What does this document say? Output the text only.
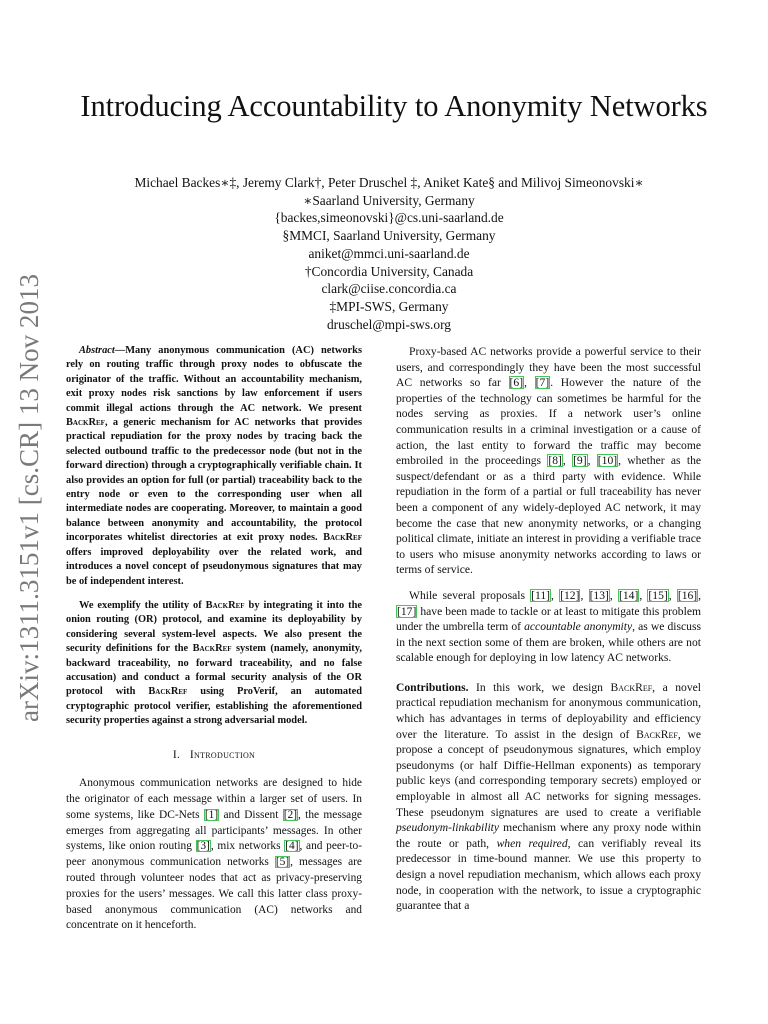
arXiv:1311.3151v1 [cs.CR] 13 Nov 2013
Introducing Accountability to Anonymity Networks
Michael Backes∗‡, Jeremy Clark†, Peter Druschel ‡, Aniket Kate§ and Milivoj Simeonovski∗
∗Saarland University, Germany
{backes,simeonovski}@cs.uni-saarland.de
§MMCI, Saarland University, Germany
aniket@mmci.uni-saarland.de
†Concordia University, Canada
clark@ciise.concordia.ca
‡MPI-SWS, Germany
druschel@mpi-sws.org

Abstract—Many anonymous communication (AC) networks rely on routing traffic through proxy nodes to obfuscate the originator of the traffic. Without an accountability mechanism, exit proxy nodes risk sanctions by law enforcement if users commit illegal actions through the AC network. We present BackRef, a generic mechanism for AC networks that provides practical repudiation for the proxy nodes by tracing back the selected outbound traffic to the predecessor node (but not in the forward direction) through a cryptographically verifiable chain. It also provides an option for full (or partial) traceability back to the entry node or even to the corresponding user when all intermediate nodes are cooperating. Moreover, to maintain a good balance between anonymity and accountability, the protocol incorporates whitelist directories at exit proxy nodes. BackRef offers improved deployability over the related work, and introduces a novel concept of pseudonymous signatures that may be of independent interest.

We exemplify the utility of BackRef by integrating it into the onion routing (OR) protocol, and examine its deployability by considering several system-level aspects. We also present the security definitions for the BackRef system (namely, anonymity, backward traceability, no forward traceability, and no false accusation) and conduct a formal security analysis of the OR protocol with BackRef using ProVerif, an automated cryptographic protocol verifier, establishing the aforementioned security properties against a strong adversarial model.

I. Introduction

Anonymous communication networks are designed to hide the originator of each message within a larger set of users. In some systems, like DC-Nets [1] and Dissent [2], the message emerges from aggregating all participants’ messages. In other systems, like onion routing [3], mix networks [4], and peer-to-peer anonymous communication networks [5], messages are routed through volunteer nodes that act as privacy-preserving proxies for the users’ messages. We call this latter class proxy-based anonymous communication (AC) networks and concentrate on it henceforth.

Proxy-based AC networks provide a powerful service to their users, and correspondingly they have been the most successful AC networks so far [6], [7]. However the nature of the properties of the technology can sometimes be harmful for the nodes serving as proxies. If a network user’s online communication results in a criminal investigation or a cause of action, the last entity to forward the traffic may become embroiled in the proceedings [8], [9], [10], whether as the suspect/defendant or as a third party with evidence. While repudiation in the form of a partial or full traceability has never been a component of any widely-deployed AC network, it may become the case that new anonymity networks, or a changing political climate, initiate an interest in providing a verifiable trace to users who misuse anonymity networks according to laws or terms of service.

While several proposals [11], [12], [13], [14], [15], [16], [17] have been made to tackle or at least to mitigate this problem under the umbrella term of accountable anonymity, as we discuss in the next section some of them are broken, while others are not scalable enough for deploying in low latency AC networks.

Contributions. In this work, we design BackRef, a novel practical repudiation mechanism for anonymous communication, which has advantages in terms of deployability and efficiency over the literature. To assist in the design of BackRef, we propose a concept of pseudonymous signatures, which employ pseudonyms (or half Diffie-Hellman exponents) as temporary public keys (and corresponding temporary secrets) employed or employable in almost all AC networks for signing messages. These pseudonym signatures are used to create a verifiable pseudonym-linkability mechanism where any proxy node within the route or path, when required, can verifiably reveal its predecessor in time-bound manner. We use this property to design a novel repudiation mechanism, which allows each proxy node, in cooperation with the network, to issue a cryptographic guarantee that a
